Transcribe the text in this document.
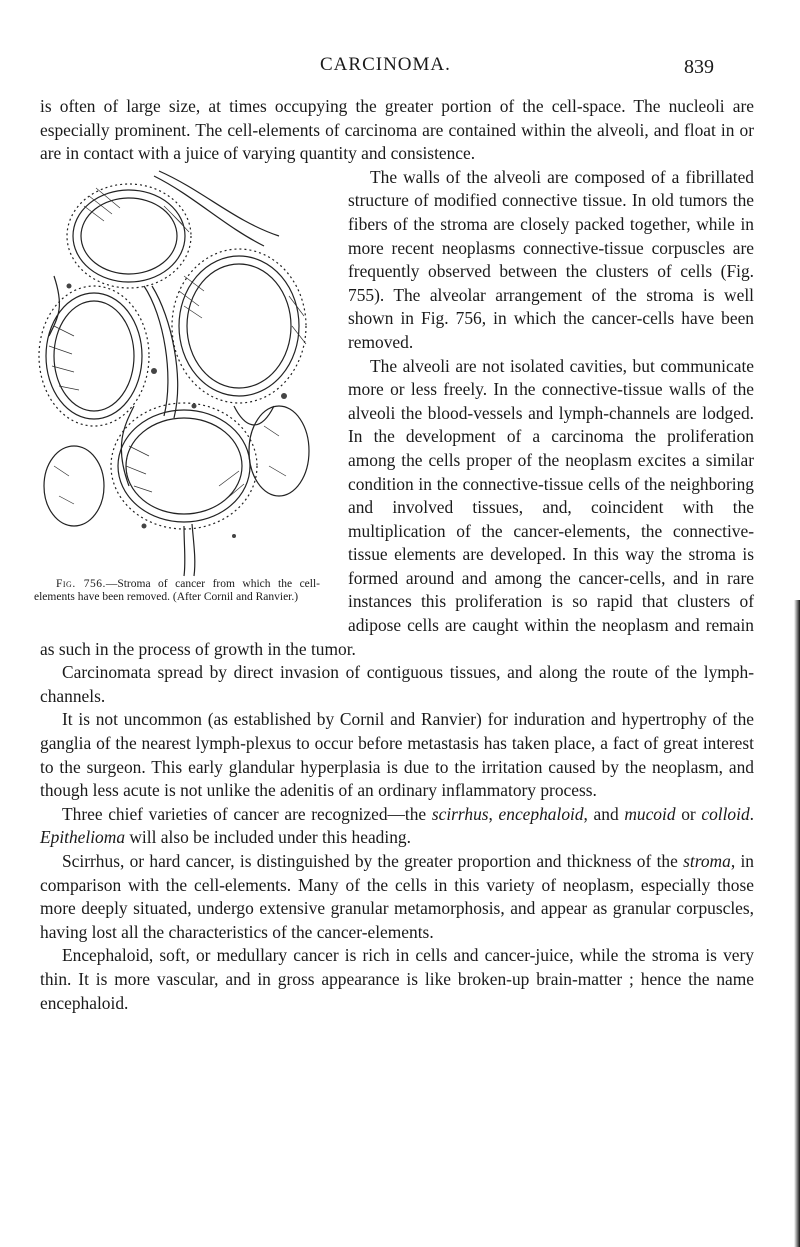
CARCINOMA.	839

is often of large size, at times occupying the greater portion of the cell-space. The nucleoli are especially prominent. The cell-elements of carcinoma are contained within the alveoli, and float in or are in contact with a juice of varying quantity and consistence.

Fig. 756.—Stroma of cancer from which the cell-elements have been removed. (After Cornil and Ranvier.)

The walls of the alveoli are composed of a fibrillated structure of modified connective tissue. In old tumors the fibers of the stroma are closely packed together, while in more recent neoplasms connective-tissue corpuscles are frequently observed between the clusters of cells (Fig. 755). The alveolar arrangement of the stroma is well shown in Fig. 756, in which the cancer-cells have been removed.

The alveoli are not isolated cavities, but communicate more or less freely. In the connective-tissue walls of the alveoli the blood-vessels and lymph-channels are lodged. In the development of a carcinoma the proliferation among the cells proper of the neoplasm excites a similar condition in the connective-tissue cells of the neighboring and involved tissues, and, coincident with the multiplication of the cancer-elements, the connective-tissue elements are developed. In this way the stroma is formed around and among the cancer-cells, and in rare instances this proliferation is so rapid that clusters of adipose cells are caught within the neoplasm and remain as such in the process of growth in the tumor.

Carcinomata spread by direct invasion of contiguous tissues, and along the route of the lymph-channels.

It is not uncommon (as established by Cornil and Ranvier) for induration and hypertrophy of the ganglia of the nearest lymph-plexus to occur before metastasis has taken place, a fact of great interest to the surgeon. This early glandular hyperplasia is due to the irritation caused by the neoplasm, and though less acute is not unlike the adenitis of an ordinary inflammatory process.

Three chief varieties of cancer are recognized—the scirrhus, encephaloid, and mucoid or colloid. Epithelioma will also be included under this heading.

Scirrhus, or hard cancer, is distinguished by the greater proportion and thickness of the stroma, in comparison with the cell-elements. Many of the cells in this variety of neoplasm, especially those more deeply situated, undergo extensive granular metamorphosis, and appear as granular corpuscles, having lost all the characteristics of the cancer-elements.

Encephaloid, soft, or medullary cancer is rich in cells and cancer-juice, while the stroma is very thin. It is more vascular, and in gross appearance is like broken-up brain-matter ; hence the name encephaloid.
